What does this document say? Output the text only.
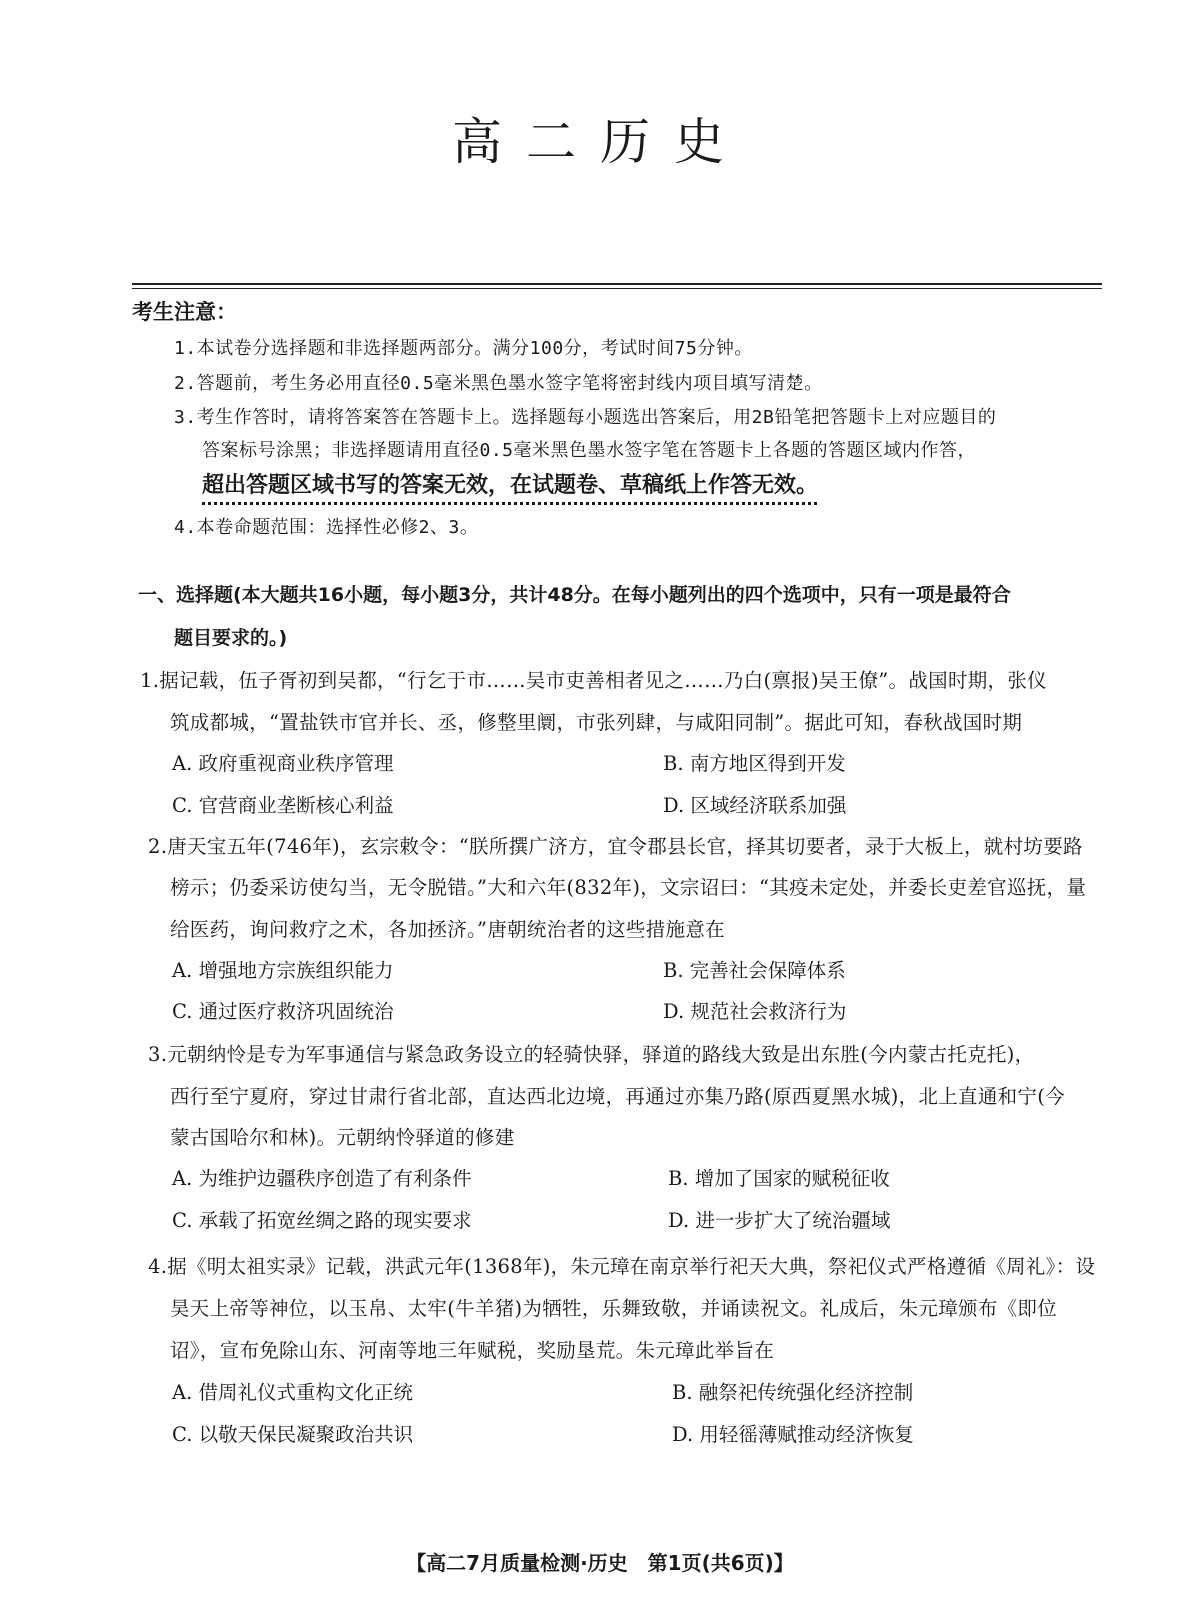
高二历史
考生注意：
1.本试卷分选择题和非选择题两部分。满分100分，考试时间75分钟。
2.答题前，考生务必用直径0.5毫米黑色墨水签字笔将密封线内项目填写清楚。
3.考生作答时，请将答案答在答题卡上。选择题每小题选出答案后，用2B铅笔把答题卡上对应题目的
答案标号涂黑；非选择题请用直径0.5毫米黑色墨水签字笔在答题卡上各题的答题区域内作答，
超出答题区域书写的答案无效，在试题卷、草稿纸上作答无效。
4.本卷命题范围：选择性必修2、3。
一、选择题(本大题共16小题，每小题3分，共计48分。在每小题列出的四个选项中，只有一项是最符合
题目要求的。)
1.据记载，伍子胥初到吴都，“行乞于市……吴市吏善相者见之……乃白(禀报)吴王僚”。战国时期，张仪
筑成都城，“置盐铁市官并长、丞，修整里阛，市张列肆，与咸阳同制”。据此可知，春秋战国时期
A. 政府重视商业秩序管理	B. 南方地区得到开发
C. 官营商业垄断核心利益	D. 区域经济联系加强
2.唐天宝五年(746年)，玄宗敕令：“朕所撰广济方，宜令郡县长官，择其切要者，录于大板上，就村坊要路
榜示；仍委采访使勾当，无令脱错。”大和六年(832年)，文宗诏曰：“其疫未定处，并委长吏差官巡抚，量
给医药，询问救疗之术，各加拯济。”唐朝统治者的这些措施意在
A. 增强地方宗族组织能力	B. 完善社会保障体系
C. 通过医疗救济巩固统治	D. 规范社会救济行为
3.元朝纳怜是专为军事通信与紧急政务设立的轻骑快驿，驿道的路线大致是出东胜(今内蒙古托克托)，
西行至宁夏府，穿过甘肃行省北部，直达西北边境，再通过亦集乃路(原西夏黑水城)，北上直通和宁(今
蒙古国哈尔和林)。元朝纳怜驿道的修建
A. 为维护边疆秩序创造了有利条件	B. 增加了国家的赋税征收
C. 承载了拓宽丝绸之路的现实要求	D. 进一步扩大了统治疆域
4.据《明太祖实录》记载，洪武元年(1368年)，朱元璋在南京举行祀天大典，祭祀仪式严格遵循《周礼》：设
昊天上帝等神位，以玉帛、太牢(牛羊猪)为牺牲，乐舞致敬，并诵读祝文。礼成后，朱元璋颁布《即位
诏》，宣布免除山东、河南等地三年赋税，奖励垦荒。朱元璋此举旨在
A. 借周礼仪式重构文化正统	B. 融祭祀传统强化经济控制
C. 以敬天保民凝聚政治共识	D. 用轻徭薄赋推动经济恢复
【高二7月质量检测·历史　第1页(共6页)】
